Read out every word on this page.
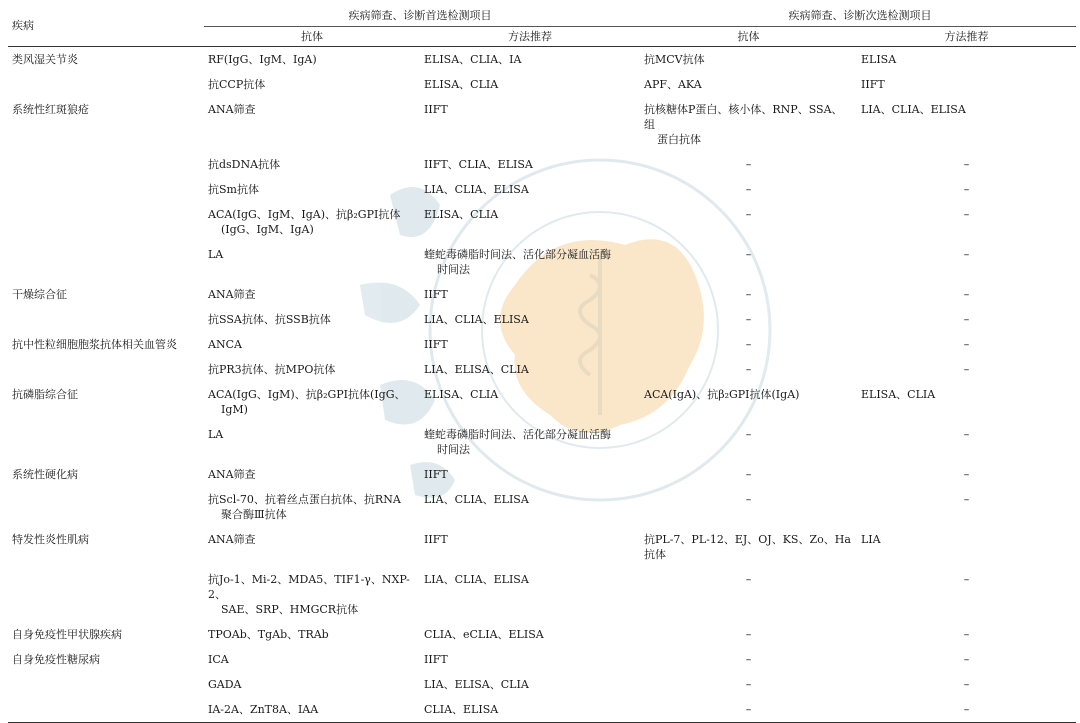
疾病	疾病筛查、诊断首选检测项目		疾病筛查、诊断次选检测项目	
	抗体	方法推荐	抗体	方法推荐
类风湿关节炎	RF(IgG、IgM、IgA)	ELISA、CLIA、IA	抗MCV抗体	ELISA
	抗CCP抗体	ELISA、CLIA	APF、AKA	IIFT
系统性红斑狼疮	ANA筛查	IIFT	抗核糖体P蛋白、核小体、RNP、SSA、组
蛋白抗体	LIA、CLIA、ELISA
	抗dsDNA抗体	IIFT、CLIA、ELISA	–	–
	抗Sm抗体	LIA、CLIA、ELISA	–	–
	ACA(IgG、IgM、IgA)、抗β₂GPⅠ抗体
(IgG、IgM、IgA)	ELISA、CLIA	–	–
	LA	蝰蛇毒磷脂时间法、活化部分凝血活酶
时间法	–	–
干燥综合征	ANA筛查	IIFT	–	–
	抗SSA抗体、抗SSB抗体	LIA、CLIA、ELISA	–	–
抗中性粒细胞胞浆抗体相关血管炎	ANCA	IIFT	–	–
	抗PR3抗体、抗MPO抗体	LIA、ELISA、CLIA	–	–
抗磷脂综合征	ACA(IgG、IgM)、抗β₂GPⅠ抗体(IgG、
IgM)	ELISA、CLIA	ACA(IgA)、抗β₂GPⅠ抗体(IgA)	ELISA、CLIA
	LA	蝰蛇毒磷脂时间法、活化部分凝血活酶
时间法	–	–
系统性硬化病	ANA筛查	IIFT	–	–
	抗Scl-70、抗着丝点蛋白抗体、抗RNA
聚合酶Ⅲ抗体	LIA、CLIA、ELISA	–	–
特发性炎性肌病	ANA筛查	IIFT	抗PL-7、PL-12、EJ、OJ、KS、Zo、Ha抗体	LIA
	抗Jo-1、Mi-2、MDA5、TIF1-γ、NXP-2、
SAE、SRP、HMGCR抗体	LIA、CLIA、ELISA	–	–
自身免疫性甲状腺疾病	TPOAb、TgAb、TRAb	CLIA、eCLIA、ELISA	–	–
自身免疫性糖尿病	ICA	IIFT	–	–
	GADA	LIA、ELISA、CLIA	–	–
	IA-2A、ZnT8A、IAA	CLIA、ELISA	–	–
